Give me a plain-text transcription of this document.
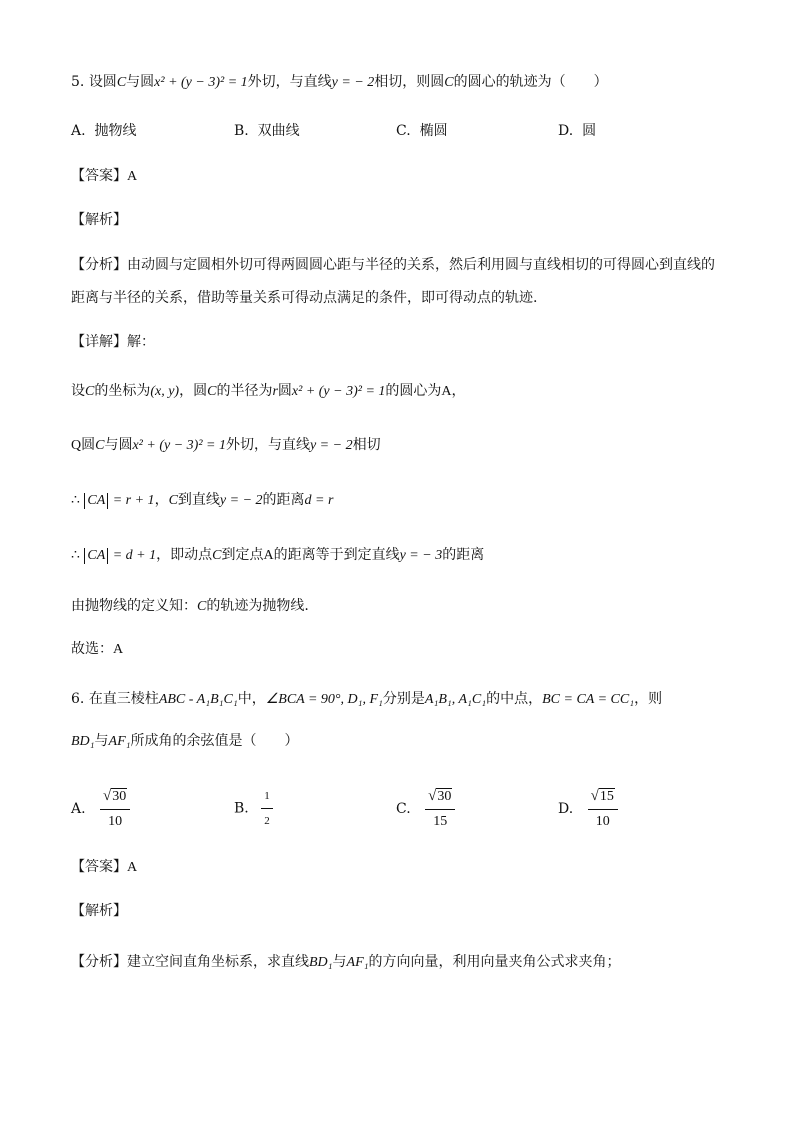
5. 设圆C与圆x² + (y − 3)² = 1外切，与直线y = − 2相切，则圆C的圆心的轨迹为（　　）
A. 抛物线	B. 双曲线	C. 椭圆	D. 圆
【答案】A
【解析】
【分析】由动圆与定圆相外切可得两圆圆心距与半径的关系，然后利用圆与直线相切的可得圆心到直线的
距离与半径的关系，借助等量关系可得动点满足的条件，即可得动点的轨迹.
【详解】解：
设C的坐标为(x, y)，圆C的半径为r圆x² + (y − 3)² = 1的圆心为A，
Q圆C与圆x² + (y − 3)² = 1外切，与直线y = − 2相切
∴ CA = r + 1，C到直线y = − 2的距离d = r
∴ CA = d + 1，即动点C到定点A的距离等于到定直线y = − 3的距离
由抛物线的定义知：C的轨迹为抛物线.
故选：A
6. 在直三棱柱ABC - A₁B₁C₁中，∠BCA = 90°, D₁, F₁分别是A₁B₁, A₁C₁的中点，BC = CA = CC₁，则
BD₁与AF₁所成角的余弦值是（　　）
A. $\frac{√30}{10}$	B. $\frac{1}{2}$	C. $\frac{√30}{15}$	D. $\frac{√15}{10}$
【答案】A
【解析】
【分析】建立空间直角坐标系，求直线BD₁与AF₁的方向向量，利用向量夹角公式求夹角；
